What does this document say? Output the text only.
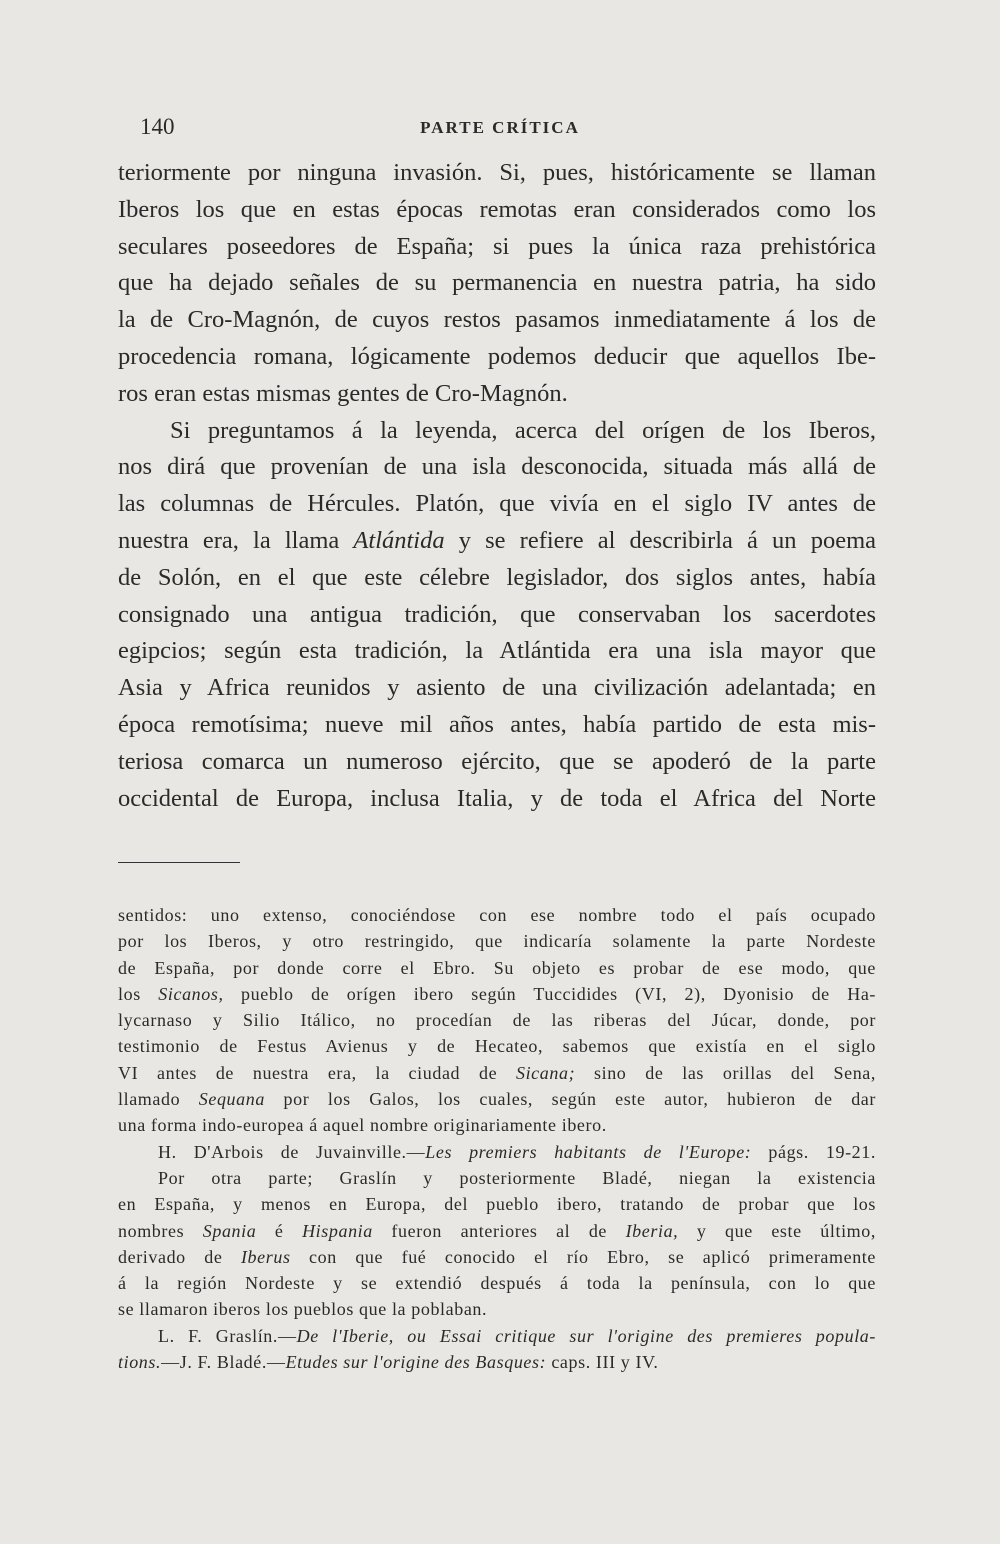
140	PARTE CRÍTICA
teriormente por ninguna invasión. Si, pues, históricamente se llaman
Iberos los que en estas épocas remotas eran considerados como los
seculares poseedores de España; si pues la única raza prehistórica
que ha dejado señales de su permanencia en nuestra patria, ha sido
la de Cro-Magnón, de cuyos restos pasamos inmediatamente á los de
procedencia romana, lógicamente podemos deducir que aquellos Ibe-
ros eran estas mismas gentes de Cro-Magnón.
Si preguntamos á la leyenda, acerca del orígen de los Iberos,
nos dirá que provenían de una isla desconocida, situada más allá de
las columnas de Hércules. Platón, que vivía en el siglo IV antes de
nuestra era, la llama Atlántida y se refiere al describirla á un poema
de Solón, en el que este célebre legislador, dos siglos antes, había
consignado una antigua tradición, que conservaban los sacerdotes
egipcios; según esta tradición, la Atlántida era una isla mayor que
Asia y Africa reunidos y asiento de una civilización adelantada; en
época remotísima; nueve mil años antes, había partido de esta mis-
teriosa comarca un numeroso ejército, que se apoderó de la parte
occidental de Europa, inclusa Italia, y de toda el Africa del Norte
sentidos: uno extenso, conociéndose con ese nombre todo el país ocupado
por los Iberos, y otro restringido, que indicaría solamente la parte Nordeste
de España, por donde corre el Ebro. Su objeto es probar de ese modo, que
los Sicanos, pueblo de orígen ibero según Tuccidides (VI, 2), Dyonisio de Ha-
lycarnaso y Silio Itálico, no procedían de las riberas del Júcar, donde, por
testimonio de Festus Avienus y de Hecateo, sabemos que existía en el siglo
VI antes de nuestra era, la ciudad de Sicana; sino de las orillas del Sena,
llamado Sequana por los Galos, los cuales, según este autor, hubieron de dar
una forma indo-europea á aquel nombre originariamente ibero.
H. D'Arbois de Juvainville.—Les premiers habitants de l'Europe: págs. 19-21.
Por otra parte; Graslín y posteriormente Bladé, niegan la existencia
en España, y menos en Europa, del pueblo ibero, tratando de probar que los
nombres Spania é Hispania fueron anteriores al de Iberia, y que este último,
derivado de Iberus con que fué conocido el río Ebro, se aplicó primeramente
á la región Nordeste y se extendió después á toda la península, con lo que
se llamaron iberos los pueblos que la poblaban.
L. F. Graslín.—De l'Iberie, ou Essai critique sur l'origine des premieres popula-
tions.—J. F. Bladé.—Etudes sur l'origine des Basques: caps. III y IV.
